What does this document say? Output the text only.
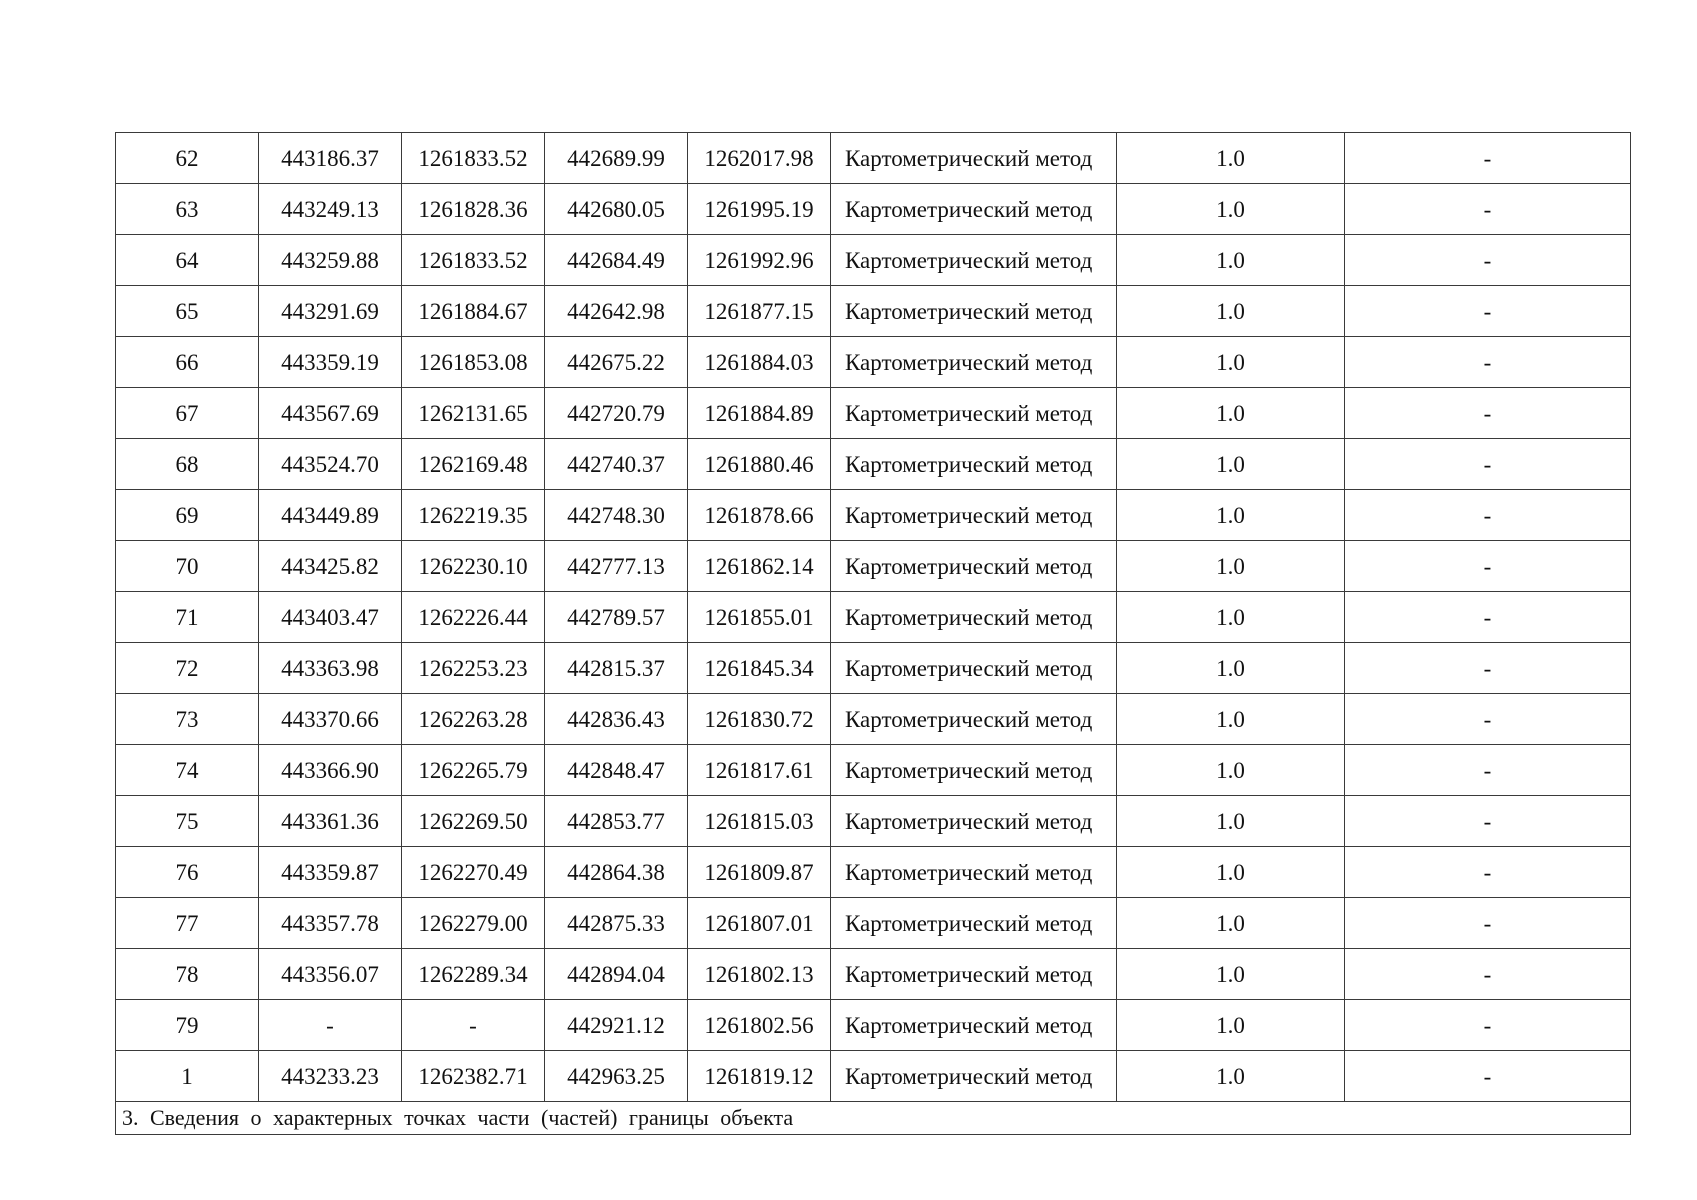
62	443186.37	1261833.52	442689.99	1262017.98	Картометрический метод	1.0	-
63	443249.13	1261828.36	442680.05	1261995.19	Картометрический метод	1.0	-
64	443259.88	1261833.52	442684.49	1261992.96	Картометрический метод	1.0	-
65	443291.69	1261884.67	442642.98	1261877.15	Картометрический метод	1.0	-
66	443359.19	1261853.08	442675.22	1261884.03	Картометрический метод	1.0	-
67	443567.69	1262131.65	442720.79	1261884.89	Картометрический метод	1.0	-
68	443524.70	1262169.48	442740.37	1261880.46	Картометрический метод	1.0	-
69	443449.89	1262219.35	442748.30	1261878.66	Картометрический метод	1.0	-
70	443425.82	1262230.10	442777.13	1261862.14	Картометрический метод	1.0	-
71	443403.47	1262226.44	442789.57	1261855.01	Картометрический метод	1.0	-
72	443363.98	1262253.23	442815.37	1261845.34	Картометрический метод	1.0	-
73	443370.66	1262263.28	442836.43	1261830.72	Картометрический метод	1.0	-
74	443366.90	1262265.79	442848.47	1261817.61	Картометрический метод	1.0	-
75	443361.36	1262269.50	442853.77	1261815.03	Картометрический метод	1.0	-
76	443359.87	1262270.49	442864.38	1261809.87	Картометрический метод	1.0	-
77	443357.78	1262279.00	442875.33	1261807.01	Картометрический метод	1.0	-
78	443356.07	1262289.34	442894.04	1261802.13	Картометрический метод	1.0	-
79	-	-	442921.12	1261802.56	Картометрический метод	1.0	-
1	443233.23	1262382.71	442963.25	1261819.12	Картометрический метод	1.0	-
3. Сведения о характерных точках части (частей) границы объекта							
